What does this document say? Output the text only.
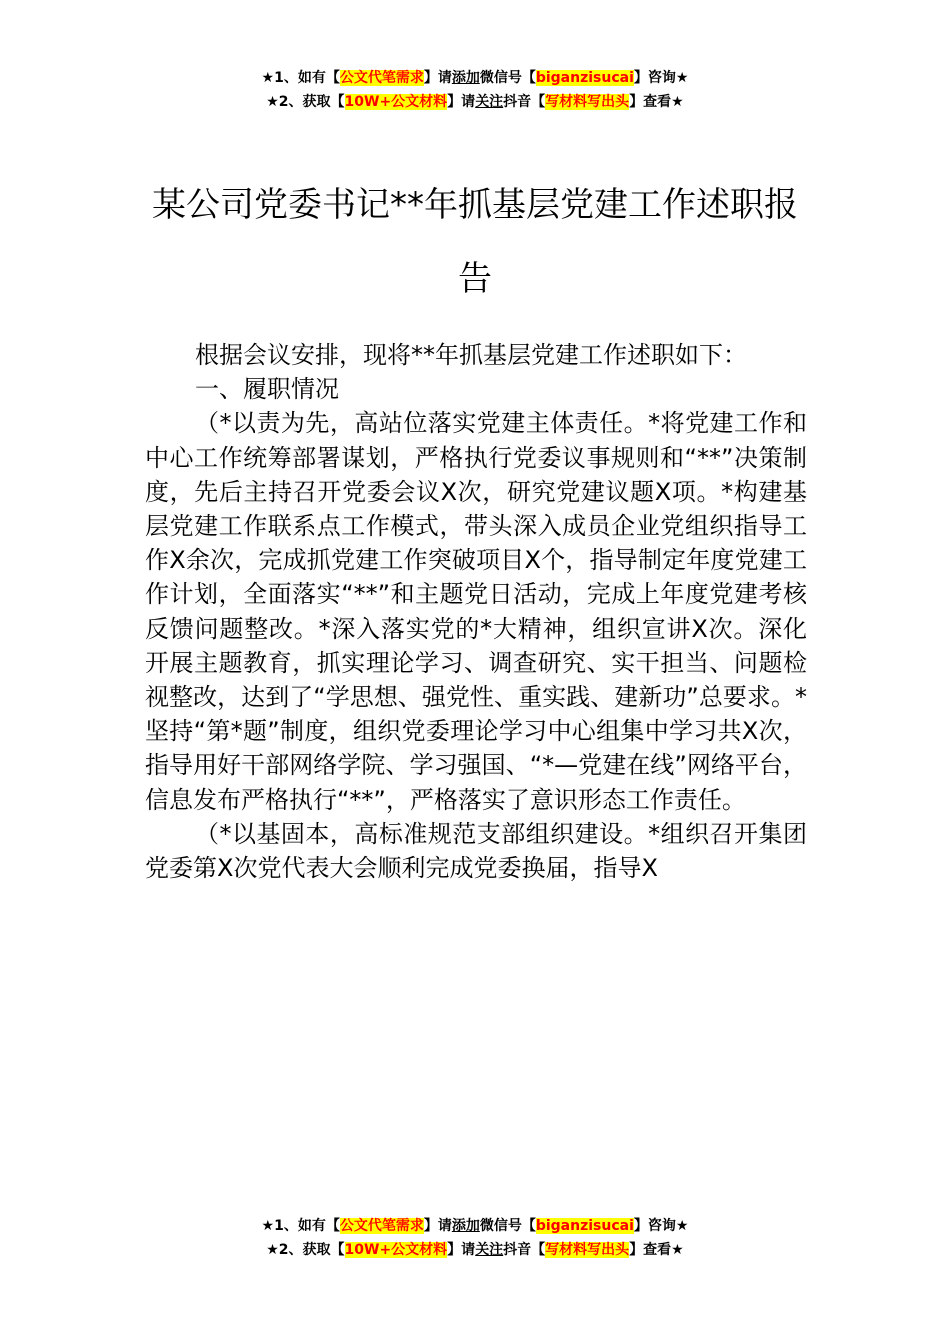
★1、如有【公文代笔需求】请添加微信号【biganzisucai】咨询★
★2、获取【10W+公文材料】请关注抖音【写材料写出头】查看★
某公司党委书记**年抓基层党建工作述职报告

根据会议安排，现将**年抓基层党建工作述职如下：

一、履职情况

（*以责为先，高站位落实党建主体责任。*将党建工作和中心工作统筹部署谋划，严格执行党委议事规则和“**”决策制度，先后主持召开党委会议X次，研究党建议题X项。*构建基层党建工作联系点工作模式，带头深入成员企业党组织指导工作X余次，完成抓党建工作突破项目X个，指导制定年度党建工作计划，全面落实“**”和主题党日活动，完成上年度党建考核反馈问题整改。*深入落实党的*大精神，组织宣讲X次。深化开展主题教育，抓实理论学习、调查研究、实干担当、问题检视整改，达到了“学思想、强党性、重实践、建新功”总要求。*坚持“第*题”制度，组织党委理论学习中心组集中学习共X次，指导用好干部网络学院、学习强国、“*—党建在线”网络平台，信息发布严格执行“**”，严格落实了意识形态工作责任。

（*以基固本，高标准规范支部组织建设。*组织召开集团党委第X次党代表大会顺利完成党委换届，指导X

★1、如有【公文代笔需求】请添加微信号【biganzisucai】咨询★
★2、获取【10W+公文材料】请关注抖音【写材料写出头】查看★
